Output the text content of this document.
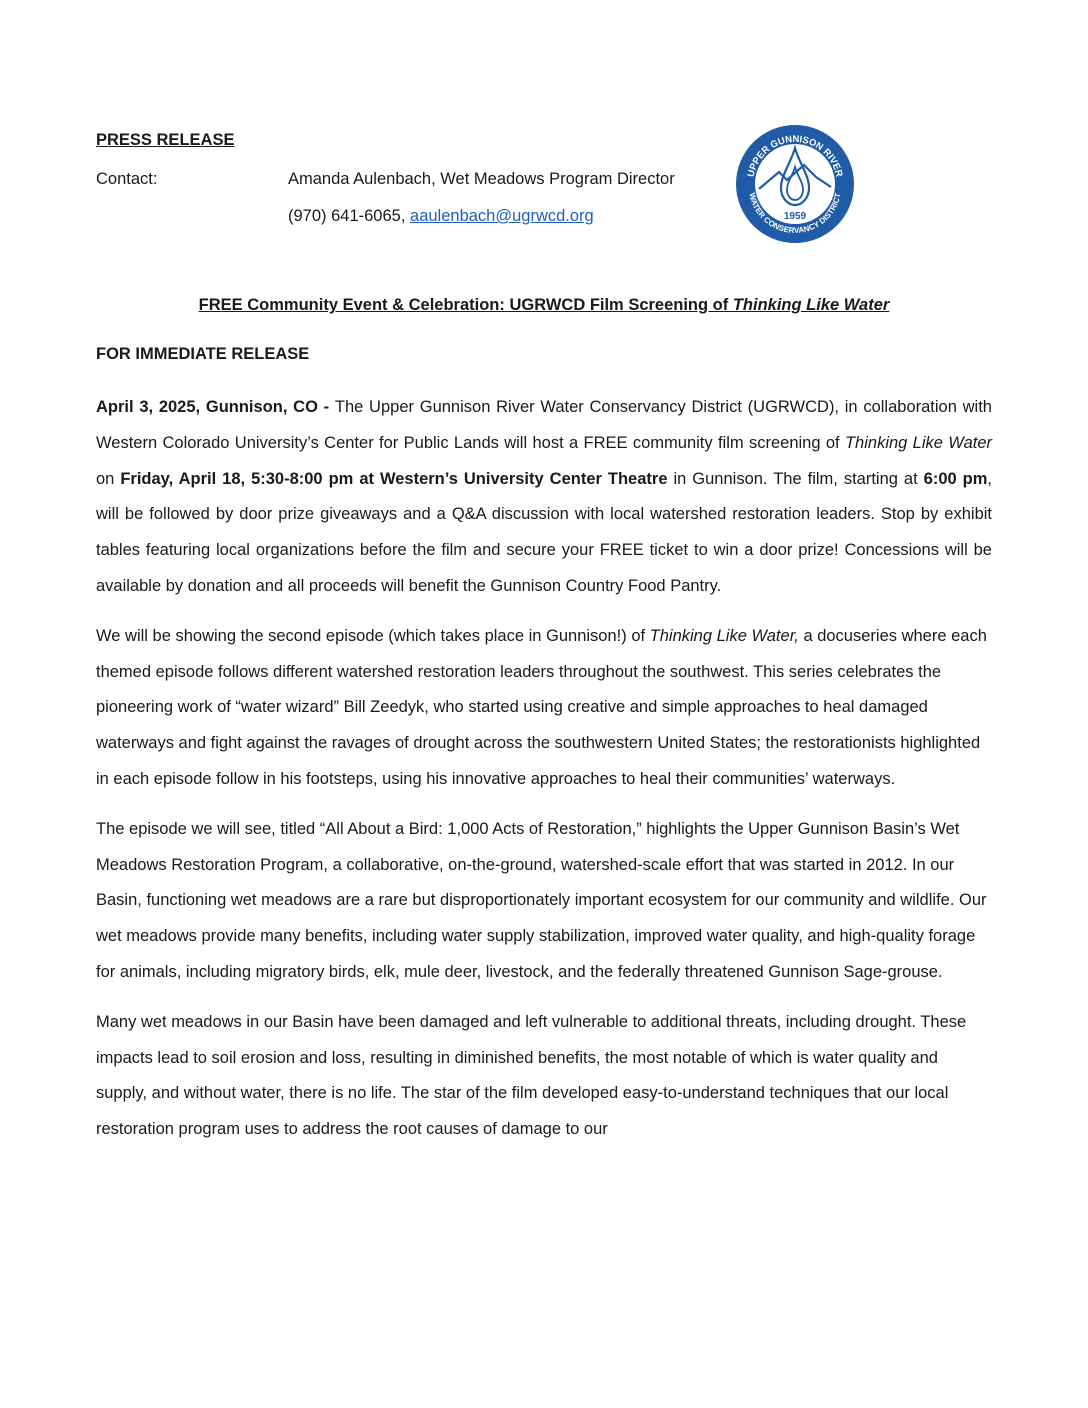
PRESS RELEASE
Contact:	Amanda Aulenbach, Wet Meadows Program Director
(970) 641-6065, aaulenbach@ugrwcd.org
UPPER GUNNISON RIVER
WATER CONSERVANCY DISTRICT
1959
FREE Community Event & Celebration: UGRWCD Film Screening of Thinking Like Water
FOR IMMEDIATE RELEASE

April 3, 2025, Gunnison, CO - The Upper Gunnison River Water Conservancy District (UGRWCD), in collaboration with Western Colorado University’s Center for Public Lands will host a FREE community film screening of Thinking Like Water on Friday, April 18, 5:30-8:00 pm at Western’s University Center Theatre in Gunnison. The film, starting at 6:00 pm, will be followed by door prize giveaways and a Q&A discussion with local watershed restoration leaders. Stop by exhibit tables featuring local organizations before the film and secure your FREE ticket to win a door prize! Concessions will be available by donation and all proceeds will benefit the Gunnison Country Food Pantry.

We will be showing the second episode (which takes place in Gunnison!) of Thinking Like Water, a docuseries where each themed episode follows different watershed restoration leaders throughout the southwest. This series celebrates the pioneering work of “water wizard” Bill Zeedyk, who started using creative and simple approaches to heal damaged waterways and fight against the ravages of drought across the southwestern United States; the restorationists highlighted in each episode follow in his footsteps, using his innovative approaches to heal their communities’ waterways.

The episode we will see, titled “All About a Bird: 1,000 Acts of Restoration,” highlights the Upper Gunnison Basin’s Wet Meadows Restoration Program, a collaborative, on-the-ground, watershed-scale effort that was started in 2012. In our Basin, functioning wet meadows are a rare but disproportionately important ecosystem for our community and wildlife. Our wet meadows provide many benefits, including water supply stabilization, improved water quality, and high-quality forage for animals, including migratory birds, elk, mule deer, livestock, and the federally threatened Gunnison Sage-grouse.

Many wet meadows in our Basin have been damaged and left vulnerable to additional threats, including drought. These impacts lead to soil erosion and loss, resulting in diminished benefits, the most notable of which is water quality and supply, and without water, there is no life. The star of the film developed easy-to-understand techniques that our local restoration program uses to address the root causes of damage to our
